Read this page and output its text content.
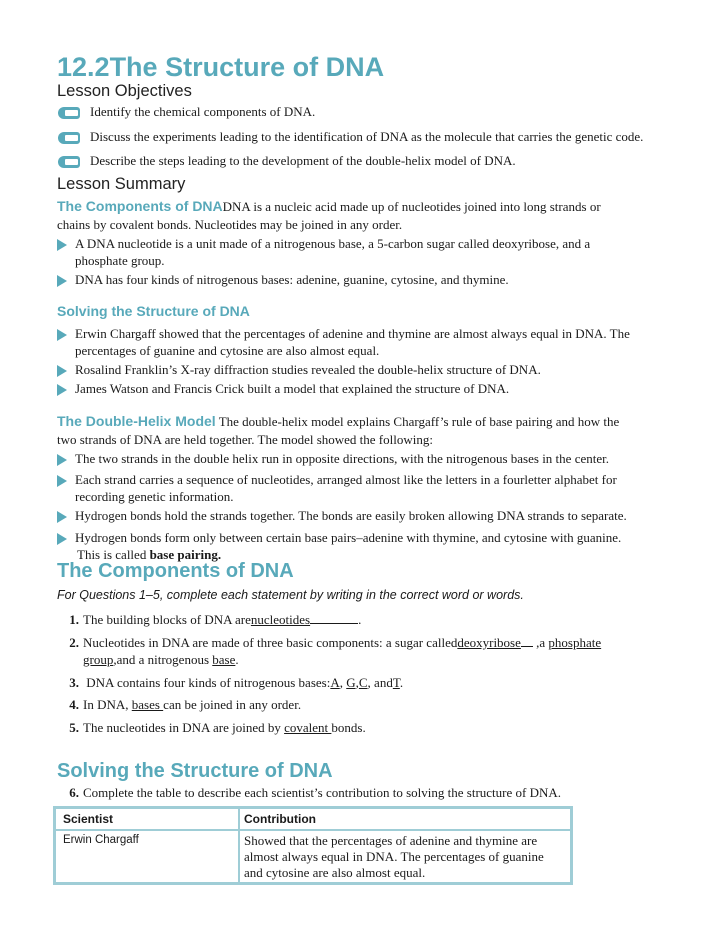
12.2The Structure of DNA
Lesson Objectives
Identify the chemical components of DNA.
Discuss the experiments leading to the identification of DNA as the molecule that carries the genetic code.
Describe the steps leading to the development of the double-helix model of DNA.
Lesson Summary
The Components of DNADNA is a nucleic acid made up of nucleotides joined into long strands or
chains by covalent bonds. Nucleotides may be joined in any order.
A DNA nucleotide is a unit made of a nitrogenous base, a 5-carbon sugar called deoxyribose, and a
phosphate group.
DNA has four kinds of nitrogenous bases: adenine, guanine, cytosine, and thymine.
Solving the Structure of DNA
Erwin Chargaff showed that the percentages of adenine and thymine are almost always equal in DNA. The
percentages of guanine and cytosine are also almost equal.
Rosalind Franklin’s X-ray diffraction studies revealed the double-helix structure of DNA.
James Watson and Francis Crick built a model that explained the structure of DNA.
The Double-Helix Model The double-helix model explains Chargaff’s rule of base pairing and how the
two strands of DNA are held together. The model showed the following:
The two strands in the double helix run in opposite directions, with the nitrogenous bases in the center.
Each strand carries a sequence of nucleotides, arranged almost like the letters in a fourletter alphabet for
recording genetic information.
Hydrogen bonds hold the strands together. The bonds are easily broken allowing DNA strands to separate.
Hydrogen bonds form only between certain base pairs–adenine with thymine, and cytosine with guanine.
This is called base pairing.
The Components of DNA
For Questions 1–5, complete each statement by writing in the correct word or words.
1. The building blocks of DNA arenucleotides	.
2. Nucleotides in DNA are made of three basic components: a sugar calleddeoxyribose ,a phosphate
group,and a nitrogenous base.
3. DNA contains four kinds of nitrogenous bases:A, G,C, andT.
4. In DNA, bases can be joined in any order.
5. The nucleotides in DNA are joined by covalent bonds.
Solving the Structure of DNA
6. Complete the table to describe each scientist’s contribution to solving the structure of DNA.
Scientist	Contribution
Erwin Chargaff	Showed that the percentages of adenine and thymine are
almost always equal in DNA. The percentages of guanine
and cytosine are also almost equal.
